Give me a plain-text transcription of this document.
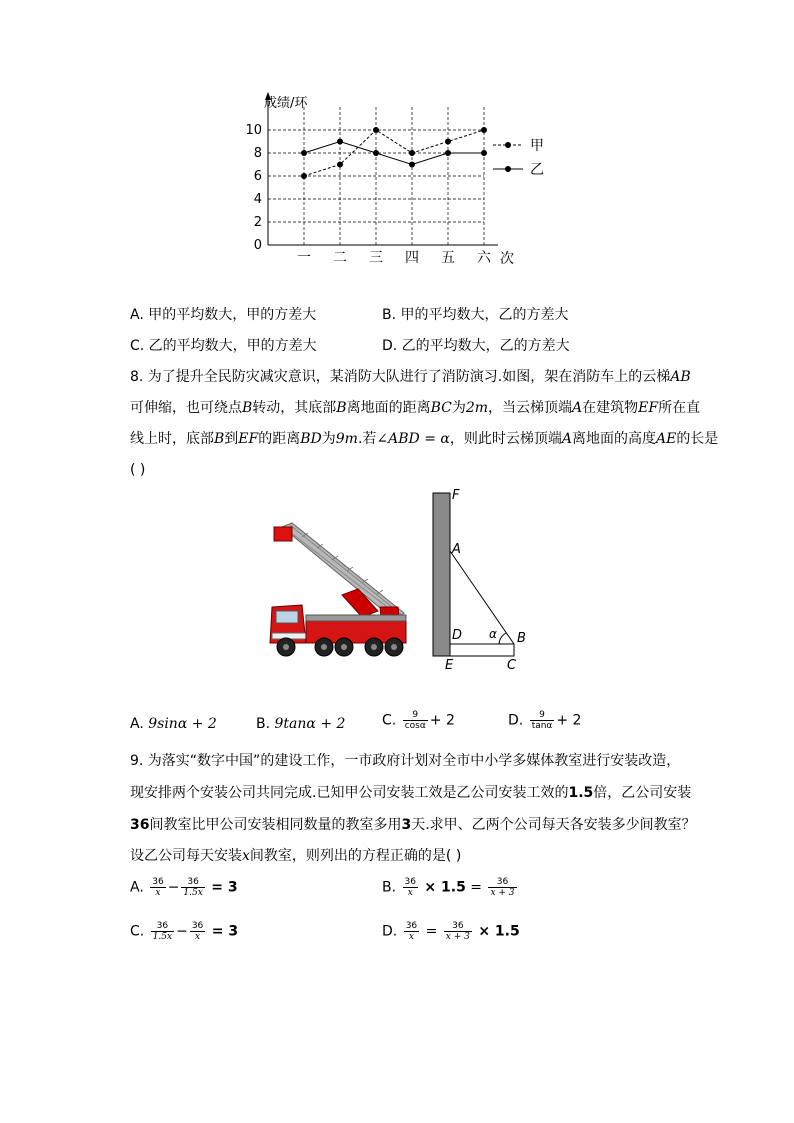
0
2
4
6
8
10
一 二 三 四 五 六
成绩/环
次
甲
乙
A. 甲的平均数大，甲的方差大	B. 甲的平均数大，乙的方差大
C. 乙的平均数大，甲的方差大	D. 乙的平均数大，乙的方差大
8. 为了提升全民防灾减灾意识，某消防大队进行了消防演习.如图，架在消防车上的云梯AB
可伸缩，也可绕点B转动，其底部B离地面的距离BC为2m，当云梯顶端A在建筑物EF所在直
线上时，底部B到EF的距离BD为9m.若∠ABD = α，则此时云梯顶端A离地面的高度AE的长是
( )
F
A
D α B
E	C
A. 9sinα + 2	B. 9tanα + 2	C. $\frac{9}{\cos\alpha} + 2$	D. $\frac{9}{\tan\alpha} + 2$
9. 为落实“数字中国”的建设工作，一市政府计划对全市中小学多媒体教室进行安装改造，
现安排两个安装公司共同完成.已知甲公司安装工效是乙公司安装工效的1.5倍，乙公司安装
36间教室比甲公司安装相同数量的教室多用3天.求甲、乙两个公司每天各安装多少间教室？
设乙公司每天安装x间教室，则列出的方程正确的是( )
A. $\frac{36}{x} - \frac{36}{1.5x} = 3$	B. $\frac{36}{x} \times 1.5 = \frac{36}{x + 3}$
C. $\frac{36}{1.5x} - \frac{36}{x} = 3$	D. $\frac{36}{x} = \frac{36}{x + 3} \times 1.5$
